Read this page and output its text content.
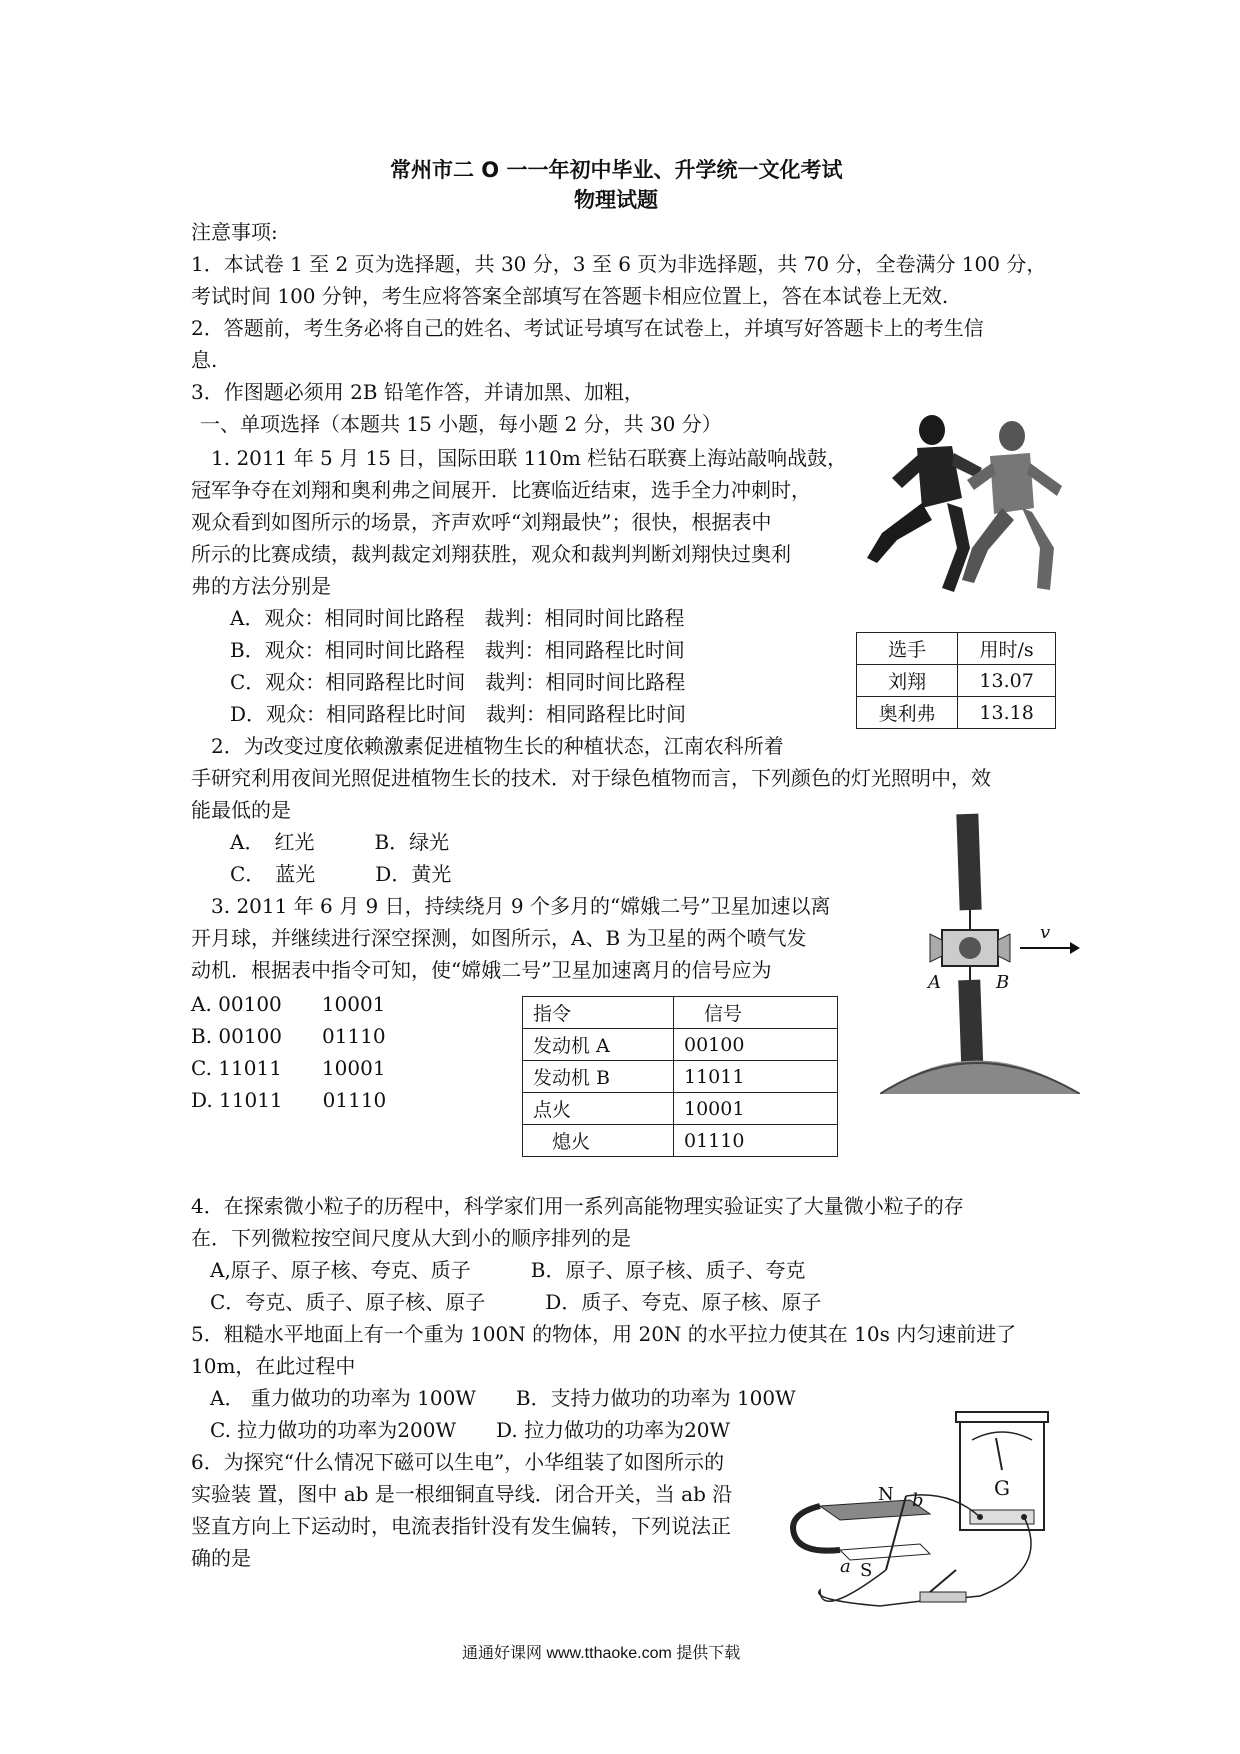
常州市二 O 一一年初中毕业、升学统一文化考试
物理试题
注意事项:
1．本试卷 1 至 2 页为选择题，共 30 分，3 至 6 页为非选择题，共 70 分，全卷满分 100 分，
考试时间 100 分钟，考生应将答案全部填写在答题卡相应位置上，答在本试卷上无效.
2．答题前，考生务必将自己的姓名、考试证号填写在试卷上，并填写好答题卡上的考生信
息.
3．作图题必须用 2B 铅笔作答，并请加黑、加粗，
一、单项选择（本题共 15 小题，每小题 2 分，共 30 分）
1. 2011 年 5 月 15 日，国际田联 110m 栏钻石联赛上海站敲响战鼓，
冠军争夺在刘翔和奥利弗之间展开．比赛临近结束，选手全力冲刺时，
观众看到如图所示的场景，齐声欢呼“刘翔最快”；很快，根据表中
所示的比赛成绩，裁判裁定刘翔获胜，观众和裁判判断刘翔快过奥利
弗的方法分别是
A．观众：相同时间比路程　裁判：相同时间比路程
B．观众：相同时间比路程　裁判：相同路程比时间
C．观众：相同路程比时间　裁判：相同时间比路程
D．观众：相同路程比时间　裁判：相同路程比时间
选手	用时/s
刘翔	13.07
奥利弗	13.18
2．为改变过度依赖激素促进植物生长的种植状态，江南农科所着
手研究利用夜间光照促进植物生长的技术．对于绿色植物而言，下列颜色的灯光照明中，效
能最低的是
A．　红光　　　B．绿光
C．　蓝光　　　D．黄光
A	B
v
3. 2011 年 6 月 9 日，持续绕月 9 个多月的“嫦娥二号”卫星加速以离
开月球，并继续进行深空探测，如图所示，A、B 为卫星的两个喷气发
动机．根据表中指令可知，使“嫦娥二号”卫星加速离月的信号应为
A. 00100　　10001
B. 00100　　01110
C. 11011　　10001
D. 11011　　01110
指令	信号
发动机 A	00100
发动机 B	11011
点火	10001
　熄火	01110
4．在探索微小粒子的历程中，科学家们用一系列高能物理实验证实了大量微小粒子的存
在．下列微粒按空间尺度从大到小的顺序排列的是
A,原子、原子核、夸克、质子　　　B．原子、原子核、质子、夸克
C．夸克、质子、原子核、原子　　　D．质子、夸克、原子核、原子
5．粗糙水平地面上有一个重为 100N 的物体，用 20N 的水平拉力使其在 10s 内匀速前进了
10m，在此过程中
A． 重力做功的功率为 100W　　B．支持力做功的功率为 100W
C. 拉力做功的功率为200W　　D. 拉力做功的功率为20W
6．为探究“什么情况下磁可以生电”，小华组装了如图所示的
实验装 置，图中 ab 是一根细铜直导线．闭合开关，当 ab 沿
竖直方向上下运动时，电流表指针没有发生偏转，下列说法正
确的是
N
S
a
b
G
通通好课网 www.tthaoke.com 提供下载
